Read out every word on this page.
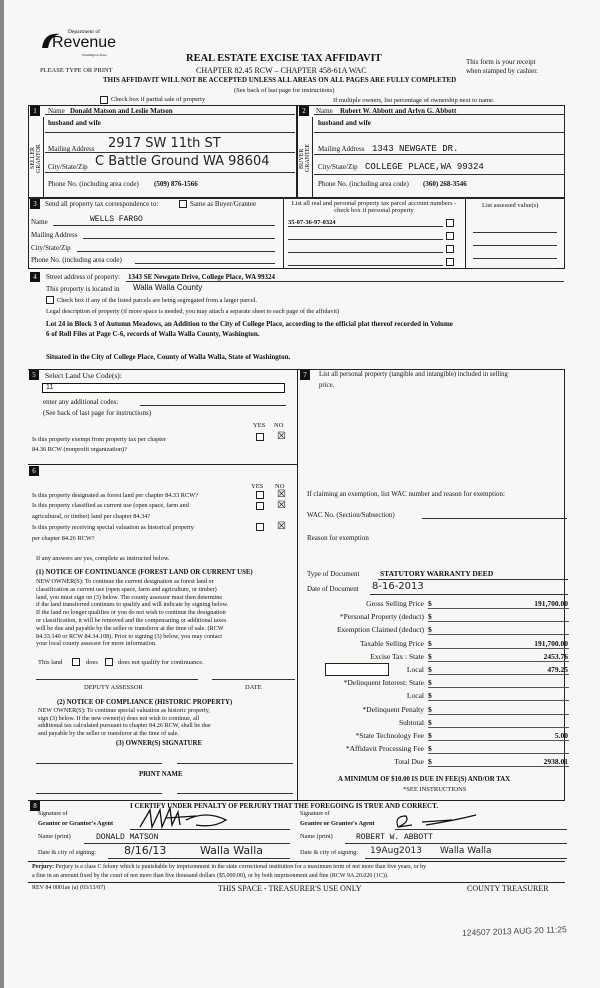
Department of
Revenue
Washington State
PLEASE TYPE OR PRINT
REAL ESTATE EXCISE TAX AFFIDAVIT
CHAPTER 82.45 RCW – CHAPTER 458-61A WAC
THIS AFFIDAVIT WILL NOT BE ACCEPTED UNLESS ALL AREAS ON ALL PAGES ARE FULLY COMPLETED
(See back of last page for instructions)
This form is your receipt
when stamped by cashier.
Check box if partial sale of property	If multiple owners, list percentage of ownership next to name.
1
SELLER GRANTOR
Name Donald Matson and Leslie Matson
husband and wife
Mailing Address 2917 SW 11th ST
City/State/Zip C Battle Ground WA 98604
Phone No. (including area code) (509) 876-1566
2
BUYER GRANTEE
Name Robert W. Abbott and Arlyn G. Abbott
husband and wife
Mailing Address 1343 NEWGATE DR.
City/State/Zip COLLEGE PLACE,WA 99324
Phone No. (including area code) (360) 268-3546
3	Send all property tax correspondence to:	Same as Buyer/Grantee
Name	WELLS FARGO
Mailing Address
City/State/Zip
Phone No. (including area code)
List all real and personal property tax parcel account numbers - check box if personal property
35-07-36-97-0324
List assessed value(s)
4	Street address of property: 1343 SE Newgate Drive, College Place, WA 99324
This property is located in Walla Walla County
Check box if any of the listed parcels are being segregated from a larger parcel.
Legal description of property (if more space is needed, you may attach a separate sheet to each page of the affidavit)
Lot 24 in Block 3 of Autumn Meadows, an Addition to the City of College Place, according to the official plat thereof recorded in Volume
6 of Roll Files at Page C-6, records of Walla Walla County, Washington.
Situated in the City of College Place, County of Walla Walla, State of Washington.
5	Select Land Use Code(s):
11
enter any additional codes:
(See back of last page for instructions)
YES NO
Is this property exempt from property tax per chapter
84.36 RCW (nonprofit organization)?
☒
6
YES NO
Is this property designated as forest land per chapter 84.33 RCW?	☒
Is this property classified as current use (open space, farm and
agricultural, or timber) land per chapter 84.34?
☒
Is this property receiving special valuation as historical property
per chapter 84.26 RCW?
☒
If any answers are yes, complete as instructed below.
(1) NOTICE OF CONTINUANCE (FOREST LAND OR CURRENT USE)
NEW OWNER(S): To continue the current designation as forest land or
classification as current use (open space, farm and agriculture, or timber)
land, you must sign on (3) below. The county assessor must then determine
if the land transferred continues to qualify and will indicate by signing below.
If the land no longer qualifies or you do not wish to continue the designation
or classification, it will be removed and the compensating or additional taxes
will be due and payable by the seller or transferor at the time of sale. (RCW
84.33.140 or RCW 84.34.108). Prior to signing (3) below, you may contact
your local county assessor for more information.
This land	does	does not qualify for continuance.
DEPUTY ASSESSOR	DATE
(2) NOTICE OF COMPLIANCE (HISTORIC PROPERTY)
NEW OWNER(S): To continue special valuation as historic property,
sign (3) below. If the new owner(s) does not wish to continue, all
additional tax calculated pursuant to chapter 84.26 RCW, shall be due
and payable by the seller or transferor at the time of sale.
(3) OWNER(S) SIGNATURE
PRINT NAME
7	List all personal property (tangible and intangible) included in selling
price.
If claiming an exemption, list WAC number and reason for exemption:
WAC No. (Section/Subsection)
Reason for exemption
Type of Document	STATUTORY WARRANTY DEED
Date of Document 8-16-2013
Gross Selling Price $	191,700.00
*Personal Property (deduct) $
Exemption Claimed (deduct) $
Taxable Selling Price $	191,700.00
Excise Tax : State $	2453.76
Local $	479.25
*Delinquent Interest: State $
Local $
*Delinquent Penalty $
Subtotal $
*State Technology Fee $	5.00
*Affidavit Processing Fee $
Total Due $	2938.01
A MINIMUM OF $10.00 IS DUE IN FEE(S) AND/OR TAX
*SEE INSTRUCTIONS
8	I CERTIFY UNDER PENALTY OF PERJURY THAT THE FOREGOING IS TRUE AND CORRECT.
Signature of
Grantor or Grantor's Agent
Signature of
Grantee or Grantee's Agent
Name (print)	DONALD MATSON	Name (print)	ROBERT W. ABBOTT
Date & city of signing:	8/16/13	Walla Walla	Date & city of signing: 19Aug2013 Walla Walla
Perjury: Perjury is a class C felony which is punishable by imprisonment in the state correctional institution for a maximum term of not more than five years, or by
a fine in an amount fixed by the court of not more than five thousand dollars ($5,000.00), or by both imprisonment and fine (RCW 9A.20.020 (1C)).
REV 84 0001ae (a) (03/13/07)	THIS SPACE - TREASURER'S USE ONLY	COUNTY TREASURER
124507 2013 AUG 20 11:25
